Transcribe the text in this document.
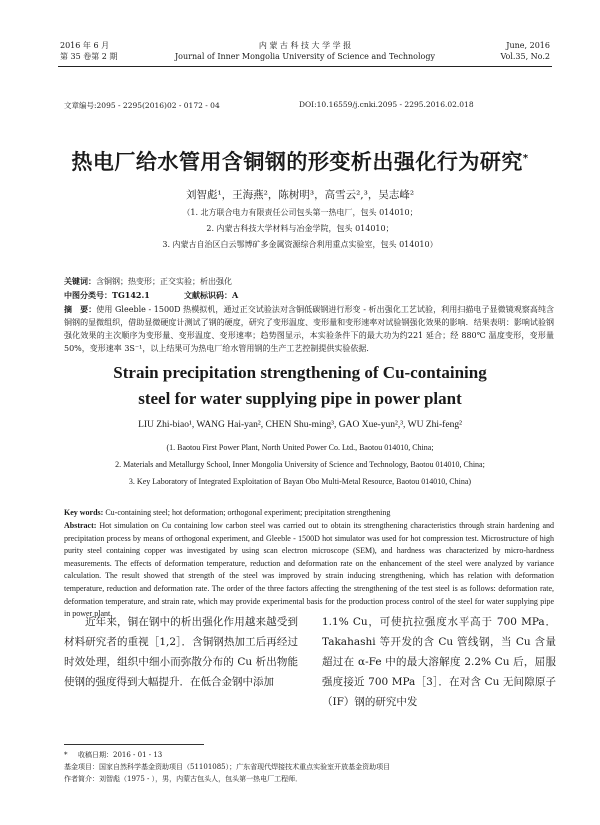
2016 年 6 月
第 35 卷第 2 期
内 蒙 古 科 技 大 学 学 报
Journal of Inner Mongolia University of Science and Technology
June, 2016
Vol.35, No.2
文章编号:2095 - 2295(2016)02 - 0172 - 04	DOI:10.16559/j.cnki.2095 - 2295.2016.02.018
热电厂给水管用含铜钢的形变析出强化行为研究*
刘智彪¹，王海燕²，陈树明³，高雪云²,³，吴志峰²
（1. 北方联合电力有限责任公司包头第一热电厂，包头 014010；
2. 内蒙古科技大学材料与冶金学院，包头 014010；
3. 内蒙古自治区白云鄂博矿多金属资源综合利用重点实验室，包头 014010）
关键词：含铜钢；热变形；正交实验；析出强化
中图分类号：TG142.1	文献标识码：A
摘　要：使用 Gleeble - 1500D 热模拟机，通过正交试验法对含铜低碳钢进行形变 - 析出强化工艺试验，利用扫描电子显微镜观察高纯含铜钢的显微组织，借助显微硬度计测试了钢的硬度，研究了变形温度、变形量和变形速率对试验钢强化效果的影响．结果表明：影响试验钢强化效果的主次顺序为变形量、变形温度、变形速率；趋势图显示，本实验条件下的最大功为约221 延合；经 880℃ 温度变形，变形量 50%，变形速率 3S⁻¹，以上结果可为热电厂给水管用钢的生产工艺控制提供实验依据．
Strain precipitation strengthening of Cu-containing
steel for water supplying pipe in power plant
LIU Zhi-biao¹, WANG Hai-yan², CHEN Shu-ming³, GAO Xue-yun²,³, WU Zhi-feng²
(1. Baotou First Power Plant, North United Power Co. Ltd., Baotou 014010, China;
2. Materials and Metallurgy School, Inner Mongolia University of Science and Technology, Baotou 014010, China;
3. Key Laboratory of Integrated Exploitation of Bayan Obo Multi-Metal Resource, Baotou 014010, China)
Key words: Cu-containing steel; hot deformation; orthogonal experiment; precipitation strengthening
Abstract: Hot simulation on Cu containing low carbon steel was carried out to obtain its strengthening characteristics through strain hardening and precipitation process by means of orthogonal experiment, and Gleeble - 1500D hot simulator was used for hot compression test. Microstructure of high purity steel containing copper was investigated by using scan electron microscope (SEM), and hardness was characterized by micro-hardness measurements. The effects of deformation temperature, reduction and deformation rate on the enhancement of the steel were analyzed by variance calculation. The result showed that strength of the steel was improved by strain inducing strengthening, which has relation with deformation temperature, reduction and deformation rate. The order of the three factors affecting the strengthening of the test steel is as follows: deformation rate, deformation temperature, and strain rate, which may provide experimental basis for the production process control of the steel for water supplying pipe in power plant.

近年来，铜在钢中的析出强化作用越来越受到材料研究者的重视［1,2］．含铜钢热加工后再经过时效处理，组织中细小而弥散分布的 Cu 析出物能使钢的强度得到大幅提升．在低合金钢中添加

1.1% Cu，可使抗拉强度水平高于 700 MPa．Takahashi 等开发的含 Cu 管线钢，当 Cu 含量超过在 α-Fe 中的最大溶解度 2.2% Cu 后，屈服强度接近 700 MPa［3］．在对含 Cu 无间隙原子（IF）钢的研究中发

* 收稿日期：2016 - 01 - 13
基金项目：国家自然科学基金资助项目（51101085）；广东省现代焊接技术重点实验室开放基金资助项目
作者简介：刘智彪（1975 - ），男，内蒙古包头人，包头第一热电厂工程师．
